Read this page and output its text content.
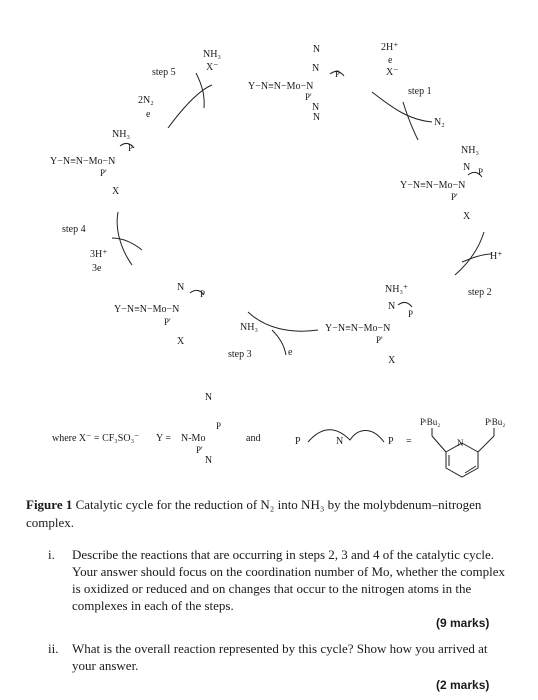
N
N P
Y−N≡N−Mo−N
P'
N
N
NH₃
X⁻
step 5
2N₂
e
2H⁺
e
X⁻
step 1
N₂
NH₃
P
Y−N≡N−Mo−N
P'
X
NH₃
N P
Y−N≡N−Mo−N
P'
X
step 4
3H⁺
3e
H⁺
step 2
N
P
Y−N≡N−Mo−N
P'
X
NH₃⁺
N
P
Y−N≡N−Mo−N
P'
X
NH₃
step 3	e
where X⁻ = CF₃SO₃⁻ Y =
N
N-Mo
P
P'
N
and	P	N	P =
PᵗBu₂	PᵗBu₂
N
Figure 1 Catalytic cycle for the reduction of N₂ into NH₃ by the molybdenum–nitrogen complex.
i. Describe the reactions that are occurring in steps 2, 3 and 4 of the catalytic cycle. Your answer should focus on the coordination number of Mo, whether the complex is oxidized or reduced and on changes that occur to the nitrogen atoms in the complexes in each of the steps.
(9 marks)
ii. What is the overall reaction represented by this cycle? Show how you arrived at your answer.
(2 marks)
